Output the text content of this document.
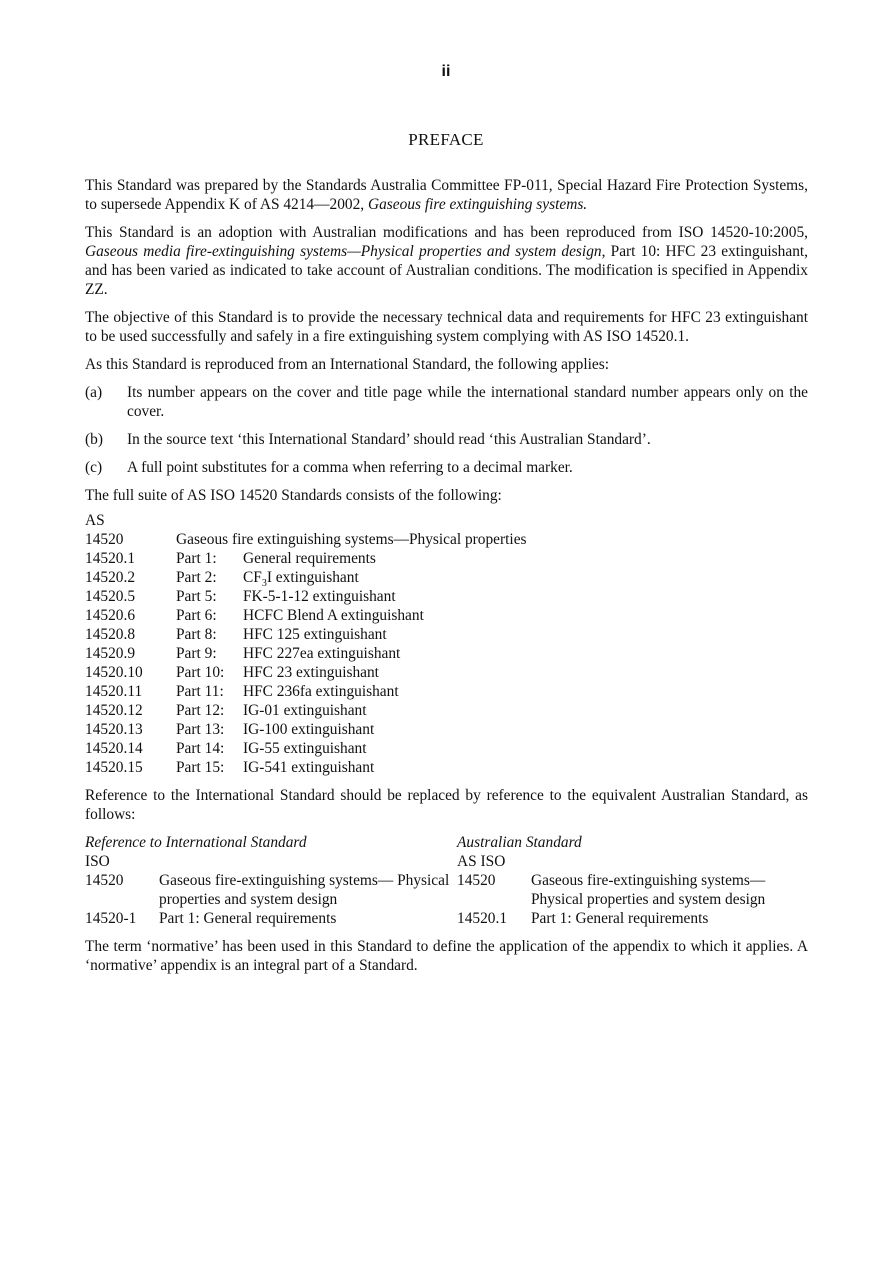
ii
PREFACE

This Standard was prepared by the Standards Australia Committee FP-011, Special Hazard Fire Protection Systems, to supersede Appendix K of AS 4214—2002, Gaseous fire extinguishing systems.

This Standard is an adoption with Australian modifications and has been reproduced from ISO 14520-10:2005, Gaseous media fire-extinguishing systems—Physical properties and system design, Part 10: HFC 23 extinguishant, and has been varied as indicated to take account of Australian conditions. The modification is specified in Appendix ZZ.

The objective of this Standard is to provide the necessary technical data and requirements for HFC 23 extinguishant to be used successfully and safely in a fire extinguishing system complying with AS ISO 14520.1.

As this Standard is reproduced from an International Standard, the following applies:

(a)	Its number appears on the cover and title page while the international standard number appears only on the cover.
(b)	In the source text ‘this International Standard’ should read ‘this Australian Standard’.
(c)	A full point substitutes for a comma when referring to a decimal marker.

The full suite of AS ISO 14520 Standards consists of the following:

AS		
14520	Gaseous fire extinguishing systems—Physical properties	
14520.1	Part 1:	General requirements
14520.2	Part 2:	$CF_3I$ extinguishant
14520.5	Part 5:	FK-5-1-12 extinguishant
14520.6	Part 6:	HCFC Blend A extinguishant
14520.8	Part 8:	HFC 125 extinguishant
14520.9	Part 9:	HFC 227ea extinguishant
14520.10	Part 10:	HFC 23 extinguishant
14520.11	Part 11:	HFC 236fa extinguishant
14520.12	Part 12:	IG-01 extinguishant
14520.13	Part 13:	IG-100 extinguishant
14520.14	Part 14:	IG-55 extinguishant
14520.15	Part 15:	IG-541 extinguishant

Reference to the International Standard should be replaced by reference to the equivalent Australian Standard, as follows:

Reference to International Standard		Australian Standard	
ISO		AS ISO	
14520	Gaseous fire-extinguishing systems— Physical properties and system design	14520	Gaseous fire-extinguishing systems— Physical properties and system design
14520-1	Part 1: General requirements	14520.1	Part 1: General requirements

The term ‘normative’ has been used in this Standard to define the application of the appendix to which it applies. A ‘normative’ appendix is an integral part of a Standard.
